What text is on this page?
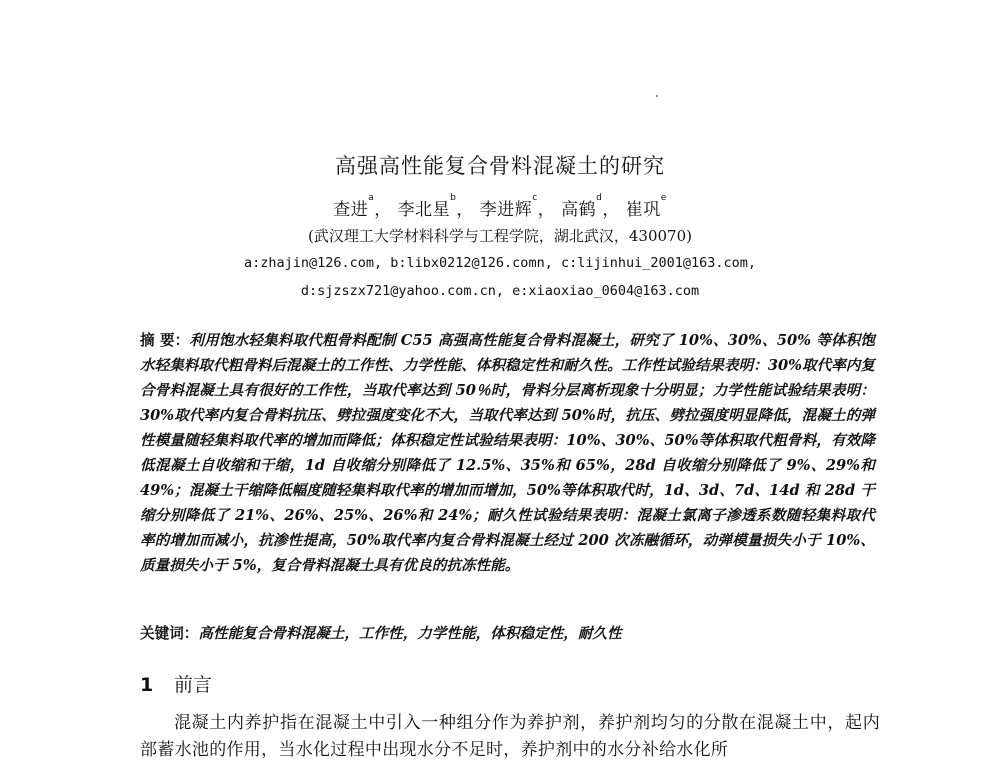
高强高性能复合骨料混凝土的研究
查进$^a$， 李北星$^b$， 李进辉$^c$， 高鹤$^d$， 崔巩$^e$
(武汉理工大学材料科学与工程学院，湖北武汉，430070)
a:zhajin@126.com, b:libx0212@126.comn, c:lijinhui_2001@163.com,
d:sjzszx721@yahoo.com.cn, e:xiaoxiao_0604@163.com
摘 要：利用饱水轻集料取代粗骨料配制 C55 高强高性能复合骨料混凝土，研究了 10%、30%、50% 等体积饱水轻集料取代粗骨料后混凝土的工作性、力学性能、体积稳定性和耐久性。工作性试验结果表明：30%取代率内复合骨料混凝土具有很好的工作性，当取代率达到 50％时，骨料分层离析现象十分明显；力学性能试验结果表明：30%取代率内复合骨料抗压、劈拉强度变化不大，当取代率达到 50%时，抗压、劈拉强度明显降低，混凝土的弹性模量随轻集料取代率的增加而降低；体积稳定性试验结果表明：10%、30%、50%等体积取代粗骨料，有效降低混凝土自收缩和干缩，1d 自收缩分别降低了 12.5%、35%和 65%，28d 自收缩分别降低了 9%、29%和 49%；混凝土干缩降低幅度随轻集料取代率的增加而增加，50%等体积取代时，1d、3d、7d、14d 和 28d 干缩分别降低了 21%、26%、25%、26%和 24%；耐久性试验结果表明：混凝土氯离子渗透系数随轻集料取代率的增加而减小，抗渗性提高，50%取代率内复合骨料混凝土经过 200 次冻融循环，动弹模量损失小于 10%、质量损失小于 5%，复合骨料混凝土具有优良的抗冻性能。
关键词：高性能复合骨料混凝土，工作性，力学性能，体积稳定性，耐久性
1 前言
混凝土内养护指在混凝土中引入一种组分作为养护剂，养护剂均匀的分散在混凝土中，起内部蓄水池的作用，当水化过程中出现水分不足时，养护剂中的水分补给水化所
